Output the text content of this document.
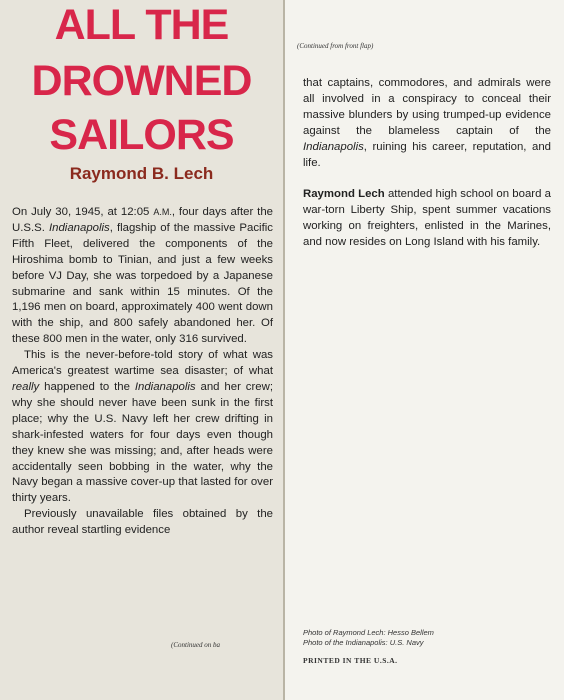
ALL THE
DROWNED
SAILORS
Raymond B. Lech

On July 30, 1945, at 12:05 A.M., four days after the U.S.S. Indianapolis, flagship of the massive Pacific Fifth Fleet, delivered the components of the Hiroshima bomb to Tinian, and just a few weeks before VJ Day, she was torpedoed by a Japanese submarine and sank within 15 minutes. Of the 1,196 men on board, approximately 400 went down with the ship, and 800 safely abandoned her. Of these 800 men in the water, only 316 survived.

This is the never-before-told story of what was America's greatest wartime sea disaster; of what really happened to the Indianapolis and her crew; why she should never have been sunk in the first place; why the U.S. Navy left her crew drifting in shark-infested waters for four days even though they knew she was missing; and, after heads were accidentally seen bobbing in the water, why the Navy began a massive cover-up that lasted for over thirty years.

Previously unavailable files obtained by the author reveal startling evidence

(Continued on ba
(Continued from front flap)

that captains, commodores, and admirals were all involved in a conspiracy to conceal their massive blunders by using trumped-up evidence against the blameless captain of the Indianapolis, ruining his career, reputation, and life.

Raymond Lech attended high school on board a war-torn Liberty Ship, spent summer vacations working on freighters, enlisted in the Marines, and now resides on Long Island with his family.

Photo of Raymond Lech: Hesso Bellem
Photo of the Indianapolis: U.S. Navy
PRINTED IN THE U.S.A.
